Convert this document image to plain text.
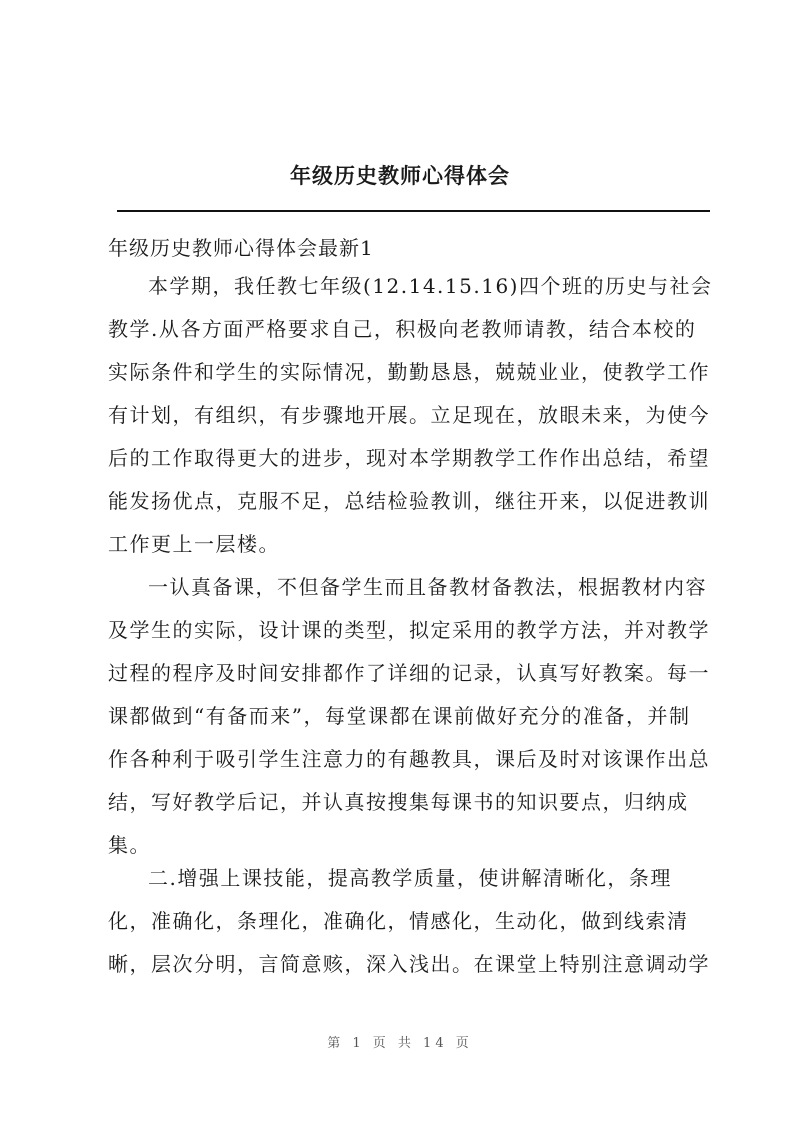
年级历史教师心得体会
年级历史教师心得体会最新1
本学期，我任教七年级(12.14.15.16)四个班的历史与社会
教学.从各方面严格要求自己，积极向老教师请教，结合本校的
实际条件和学生的实际情况，勤勤恳恳，兢兢业业，使教学工作
有计划，有组织，有步骤地开展。立足现在，放眼未来，为使今
后的工作取得更大的进步，现对本学期教学工作作出总结，希望
能发扬优点，克服不足，总结检验教训，继往开来，以促进教训
工作更上一层楼。
一认真备课，不但备学生而且备教材备教法，根据教材内容
及学生的实际，设计课的类型，拟定采用的教学方法，并对教学
过程的程序及时间安排都作了详细的记录，认真写好教案。每一
课都做到“有备而来”，每堂课都在课前做好充分的准备，并制
作各种利于吸引学生注意力的有趣教具，课后及时对该课作出总
结，写好教学后记，并认真按搜集每课书的知识要点，归纳成
集。
二.增强上课技能，提高教学质量，使讲解清晰化，条理
化，准确化，条理化，准确化，情感化，生动化，做到线索清
晰，层次分明，言简意赅，深入浅出。在课堂上特别注意调动学
第 1 页 共 14 页
